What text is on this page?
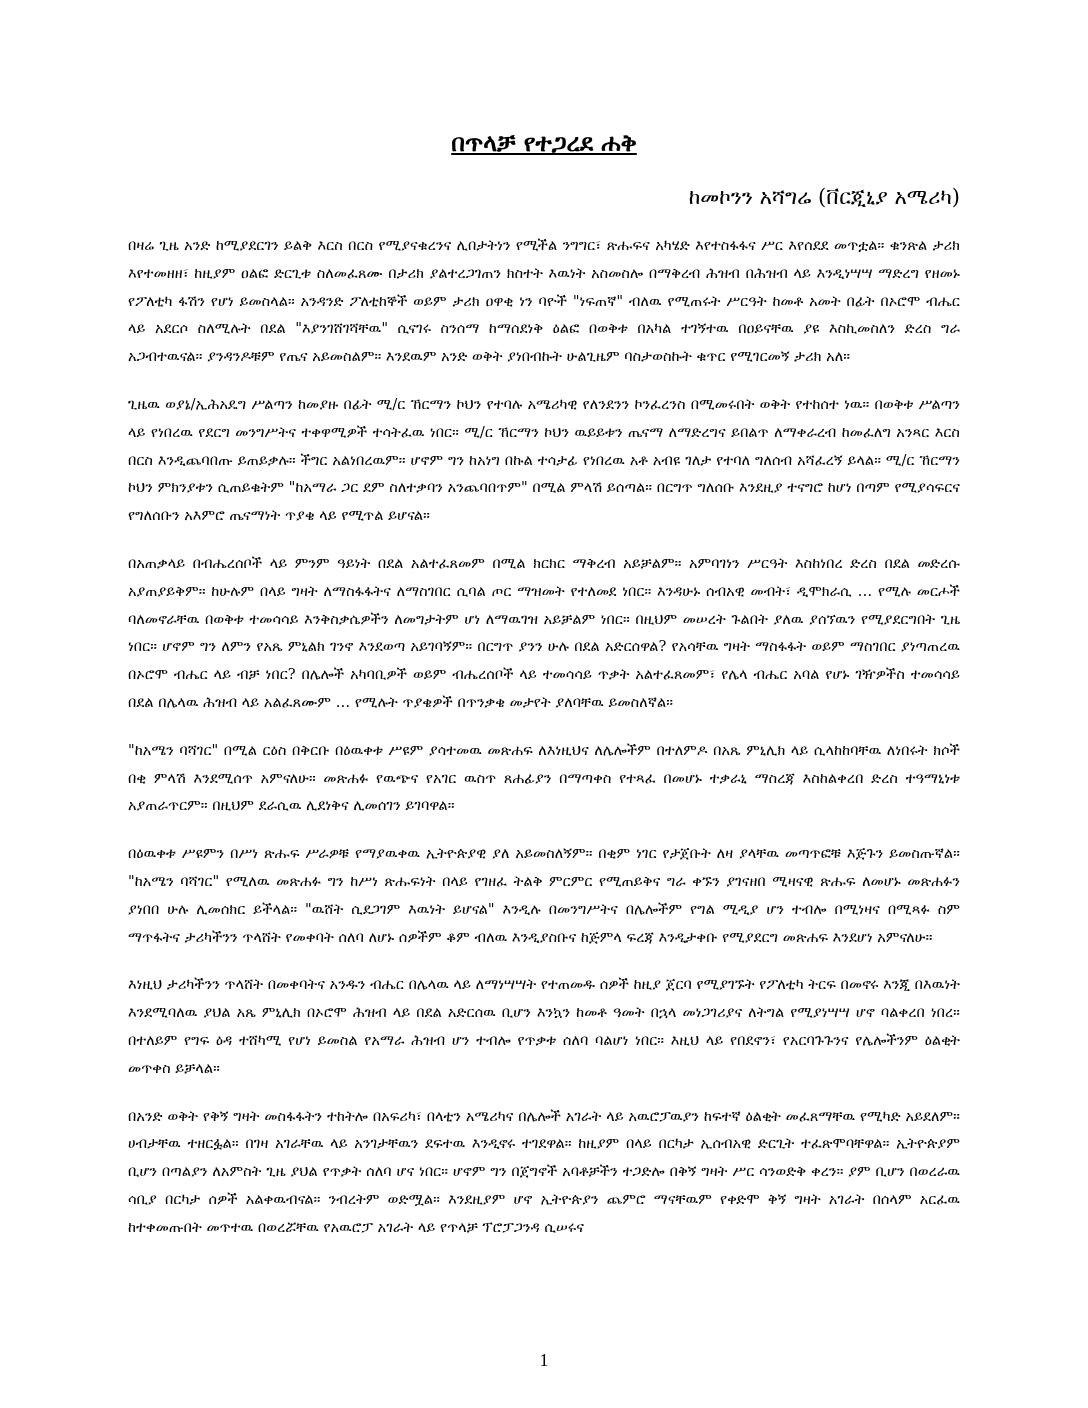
በጥላቻ የተጋረደ ሐቅ

ከመኮንን አሻግሬ (ቨርጂኒያ አሜሪካ)

በዛሬ ጊዜ አንድ ከሚያደርገን ይልቅ እርስ በርስ የሚያናቁረንና ሊበታትነን የሚችል ንግግር፣ ጽሑፍና አካሄድ እየተስፋፋና ሥር እየሰደደ መጥቷል። ቁንጽል ታሪክ እየተመዘዘ፣ ከዚያም ዐልፎ ድርጊቱ ስለመፈጸሙ በታሪክ ያልተረጋገጠን ክስተት እዉነት አስመስሎ በማቅረብ ሕዝብ በሕዝብ ላይ እንዲነሣሣ ማድረግ የዘመኑ የፖለቲካ ፋሽን የሆነ ይመስላል። አንዳንድ ፖለቲከኞች ወይም ታሪክ ዐዋቂ ነን ባዮች "ነፍጠኛ" ብለዉ የሚጠሩት ሥርዓት ከመቶ አመት በፊት በኦሮሞ ብሔር ላይ አደርሶ ስለሚሉት በደል "እያንገሸገሻቸዉ" ሲናገሩ ስንሰማ ከማሰደነቅ ዕልፎ በወቅቱ በአካል ተገኝተዉ በዐይናቸዉ ያዩ እስኪመስለን ድረስ ግራ አጋብተዉናል። ያንዳንዶቹም የጤና አይመስልም። እንደዉም አንድ ወቅት ያነበብኩት ሁልጊዜም ባስታወስኩት ቁጥር የሚገርመኝ ታሪክ አለ።

ጊዜዉ ወያኔ/ኢሕአዴግ ሥልጣን ከመያዙ በፊት ሚ/ር ኸርማን ኮህን የተባሉ አሜሪካዊ የለንደንን ኮንፈረንስ በሚመሩበት ወቅት የተከሰተ ነዉ። በወቅቱ ሥልጣን ላይ የነበረዉ የደርግ መንግሥትና ተቀዋሚዎች ተሳትፈዉ ነበር። ሚ/ር ኸርማን ኮህን ዉይይቱን ጤናማ ለማድረግና ይበልጥ ለማቀራረብ ከመፈለግ አንጻር እርስ በርስ እንዲጨባበጡ ይጠይቃሉ። ችግር አልነበረዉም። ሆኖም ግን ከአነግ በኩል ተሳታፊ የነበረዉ አቶ አብዩ ገለታ የተባለ ግለሰብ አሻፈረኝ ይላል። ሚ/ር ኸርማን ኮህን ምክንያቱን ሲጠይቁትም "ከአማራ ጋር ደም ስለተቃባን አንጨባበጥም" በሚል ምላሽ ይሰጣል። በርግጥ ግለሰቡ እንደዚያ ተናግሮ ከሆነ በጣም የሚያሳፍርና የግለሰቡን አእምሮ ጤናማነት ጥያቄ ላይ የሚጥል ይሆናል።

በአጠቃላይ በብሔረሰቦች ላይ ምንም ዓይነት በደል አልተፈጸመም በሚል ክርክር ማቅረብ አይቻልም። አምባገነን ሥርዓት እስከነበረ ድረስ በደል መድረሱ አያጠያይቅም። ከሁሉም በላይ ግዛት ለማስፋፋትና ለማስገበር ሲባል ጦር ማዝመት የተለመደ ነበር። እንዳሁኑ ሰብአዊ መብት፣ ዲሞክራሲ … የሚሉ መርሖች ባለመኖራቸዉ በወቅቱ ተመሳሳይ እንቅስቃሴዎችን ለመግታትም ሆነ ለማዉገዝ አይቻልም ነበር። በዚህም መሠረት ጉልበት ያለዉ ያሰኘዉን የሚያደርግበት ጊዜ ነበር። ሆኖም ግን ለምን የአጼ ምኒልክ ገንኖ እንደወጣ አይገባኝም። በርግጥ ያንን ሁሉ በደል አድርሰዋል? የአሳቸዉ ግዛት ማስፋፋት ወይም ማስገበር ያነጣጠረዉ በኦሮሞ ብሔር ላይ ብቻ ነበር? በሌሎች አካባቢዎች ወይም ብሔረሰቦች ላይ ተመሳሳይ ጥቃት አልተፈጸመም፣ የሌላ ብሔር አባል የሆኑ ገዥዎችስ ተመሳሳይ በደል በሌላዉ ሕዝብ ላይ አልፈጸሙም … የሚሉት ጥያቄዎች በጥንቃቄ መታየት ያለባቸዉ ይመስለኛል።

"ከአሜን ባሻገር" በሚል ርዕስ በቅርቡ በዕዉቀቱ ሥዩም ያሳተመዉ መጽሐፍ ለእነዚህና ለሌሎችም በተለምዶ በአጼ ምኒሊክ ላይ ሲላከከባቸዉ ለነበሩት ክሶች በቂ ምላሽ እንደሚሰጥ አምናለሁ። መጽሐፉ የዉጭና የአገር ዉስጥ ጸሐፊያን በማጣቀስ የተጻፈ በመሆኑ ተቃራኒ ማስረጃ እስከልቀረበ ድረስ ተዓማኒነቱ አያጠራጥርም። በዚህም ደራሲዉ ሊደነቅና ሊመሰገን ይገባዋል።

በዕዉቀቱ ሥዩምን በሥነ ጽሑፍ ሥራዎቹ የማያዉቀዉ ኢትዮጵያዊ ያለ አይመስለኝም። በቂም ነገር የታጀቡት ለዛ ያላቸዉ መጣጥፎቹ እጅጉን ይመስጡኛል። "ከአሜን ባሻገር" የሚለዉ መጽሐፉ ግን ከሥነ ጽሑፍነት በላይ የገዘፈ ትልቅ ምርምር የሚጠይቅና ግራ ቀኙን ያገናዘበ ሚዛናዊ ጽሑፍ ለመሆኑ መጽሐፉን ያነበበ ሁሉ ሊመሰክር ይችላል። "ዉሸት ሲደጋገም እዉነት ይሆናል" እንዲሉ በመንግሥትና በሌሎችም የግል ሚዲያ ሆን ተብሎ በሚነዛና በሚጻፉ ስም ማጥፋትና ታሪካችንን ጥላሸት የመቀባት ሰለባ ለሆኑ ሰዎችም ቆም ብለዉ እንዲያስቡና ከጅምላ ፍረጃ እንዲታቀቡ የሚያደርግ መጽሐፍ እንደሆነ አምናለሁ።

እነዚህ ታሪካችንን ጥላሸት በመቀባትና አንዱን ብሔር በሌላዉ ላይ ለማነሣሣት የተጠመዱ ሰዎች ከዚያ ጀርባ የሚያገኙት የፖለቲካ ትርፍ በመኖሩ እንጂ በእዉነት እንደሚባለዉ ያህል አጼ ምኒሊክ በኦሮሞ ሕዝብ ላይ በደል አድርሰዉ ቢሆን እንኳን ከመቶ ዓመት በኋላ መነጋገሪያና ለትግል የሚያነሣሣ ሆኖ ባልቀረበ ነበረ። በተለይም የግፍ ዕዳ ተሸካሚ የሆነ ይመስል የአማራ ሕዝብ ሆን ተብሎ የጥቃቱ ሰለባ ባልሆነ ነበር። እዚህ ላይ የበደኖን፣ የአርባጉጉንና የሌሎችንም ዕልቂት መጥቀስ ይቻላል።

በአንድ ወቅት የቅኝ ግዛት መስፋፋትን ተከትሎ በአፍሪካ፣ በላቲን አሜሪካና በሌሎች አገራት ላይ አዉሮፓዉያን ከፍተኛ ዕልቂት መፈጸማቸዉ የሚካድ አይደለም። ሀብታቸዉ ተዘርፏል። በገዛ አገራቸዉ ላይ አንገታቸዉን ደፍተዉ እንዲኖሩ ተገደዋል። ከዚያም በላይ በርካታ ኢሰብአዊ ድርጊት ተፈጽሞባቸዋል። ኢትዮጵያም ቢሆን በጣልያን ለአምስት ጊዜ ያህል የጥቃት ሰለባ ሆና ነበር። ሆኖም ግን በጀግኖች አባቶቻችን ተጋድሎ በቅኝ ግዛት ሥር ሳንወድቅ ቀረን። ያም ቢሆን በወረራዉ ሳቢያ በርካታ ሰዎች አልቀዉብናል። ንብረትም ወድሟል። እንደዚያም ሆኖ ኢትዮጵያን ጨምሮ ማናቸዉም የቀድሞ ቅኝ ግዛት አገራት በሰላም አርፈዉ ከተቀመጡበት መጥተዉ በወረሯቸዉ የአዉሮፓ አገራት ላይ የጥላቻ ፕሮፓጋንዳ ሲሠሩና

1
